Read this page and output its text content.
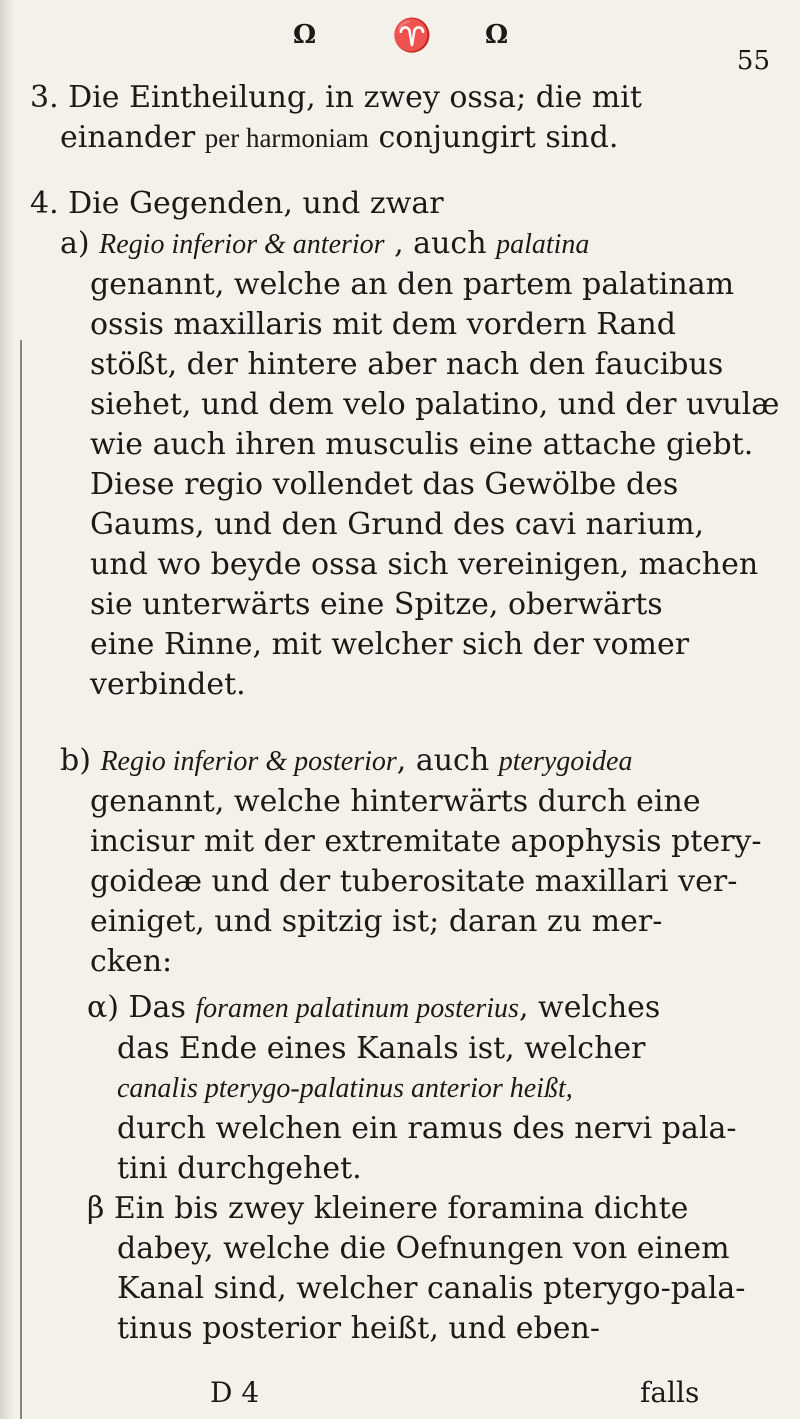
Ω ♈ Ω
55

3. Die Eintheilung, in zwey ossa; die mit
einander per harmoniam conjungirt sind.

4. Die Gegenden, und zwar

a) Regio inferior & anterior , auch palatina
genannt, welche an den partem palatinam
ossis maxillaris mit dem vordern Rand
stößt, der hintere aber nach den faucibus
siehet, und dem velo palatino, und der uvulæ
wie auch ihren musculis eine attache giebt.
Diese regio vollendet das Gewölbe des
Gaums, und den Grund des cavi narium,
und wo beyde ossa sich vereinigen, machen
sie unterwärts eine Spitze, oberwärts
eine Rinne, mit welcher sich der vomer
verbindet.
b) Regio inferior & posterior, auch pterygoidea
genannt, welche hinterwärts durch eine
incisur mit der extremitate apophysis ptery-
goideæ und der tuberositate maxillari ver-
einiget, und spitzig ist; daran zu mer-
cken:
α) Das foramen palatinum posterius, welches
das Ende eines Kanals ist, welcher
canalis pterygo-palatinus anterior heißt,
durch welchen ein ramus des nervi pala-
tini durchgehet.
β Ein bis zwey kleinere foramina dichte
dabey, welche die Oefnungen von einem
Kanal sind, welcher canalis pterygo-pala-
tinus posterior heißt, und eben-
D 4	falls
